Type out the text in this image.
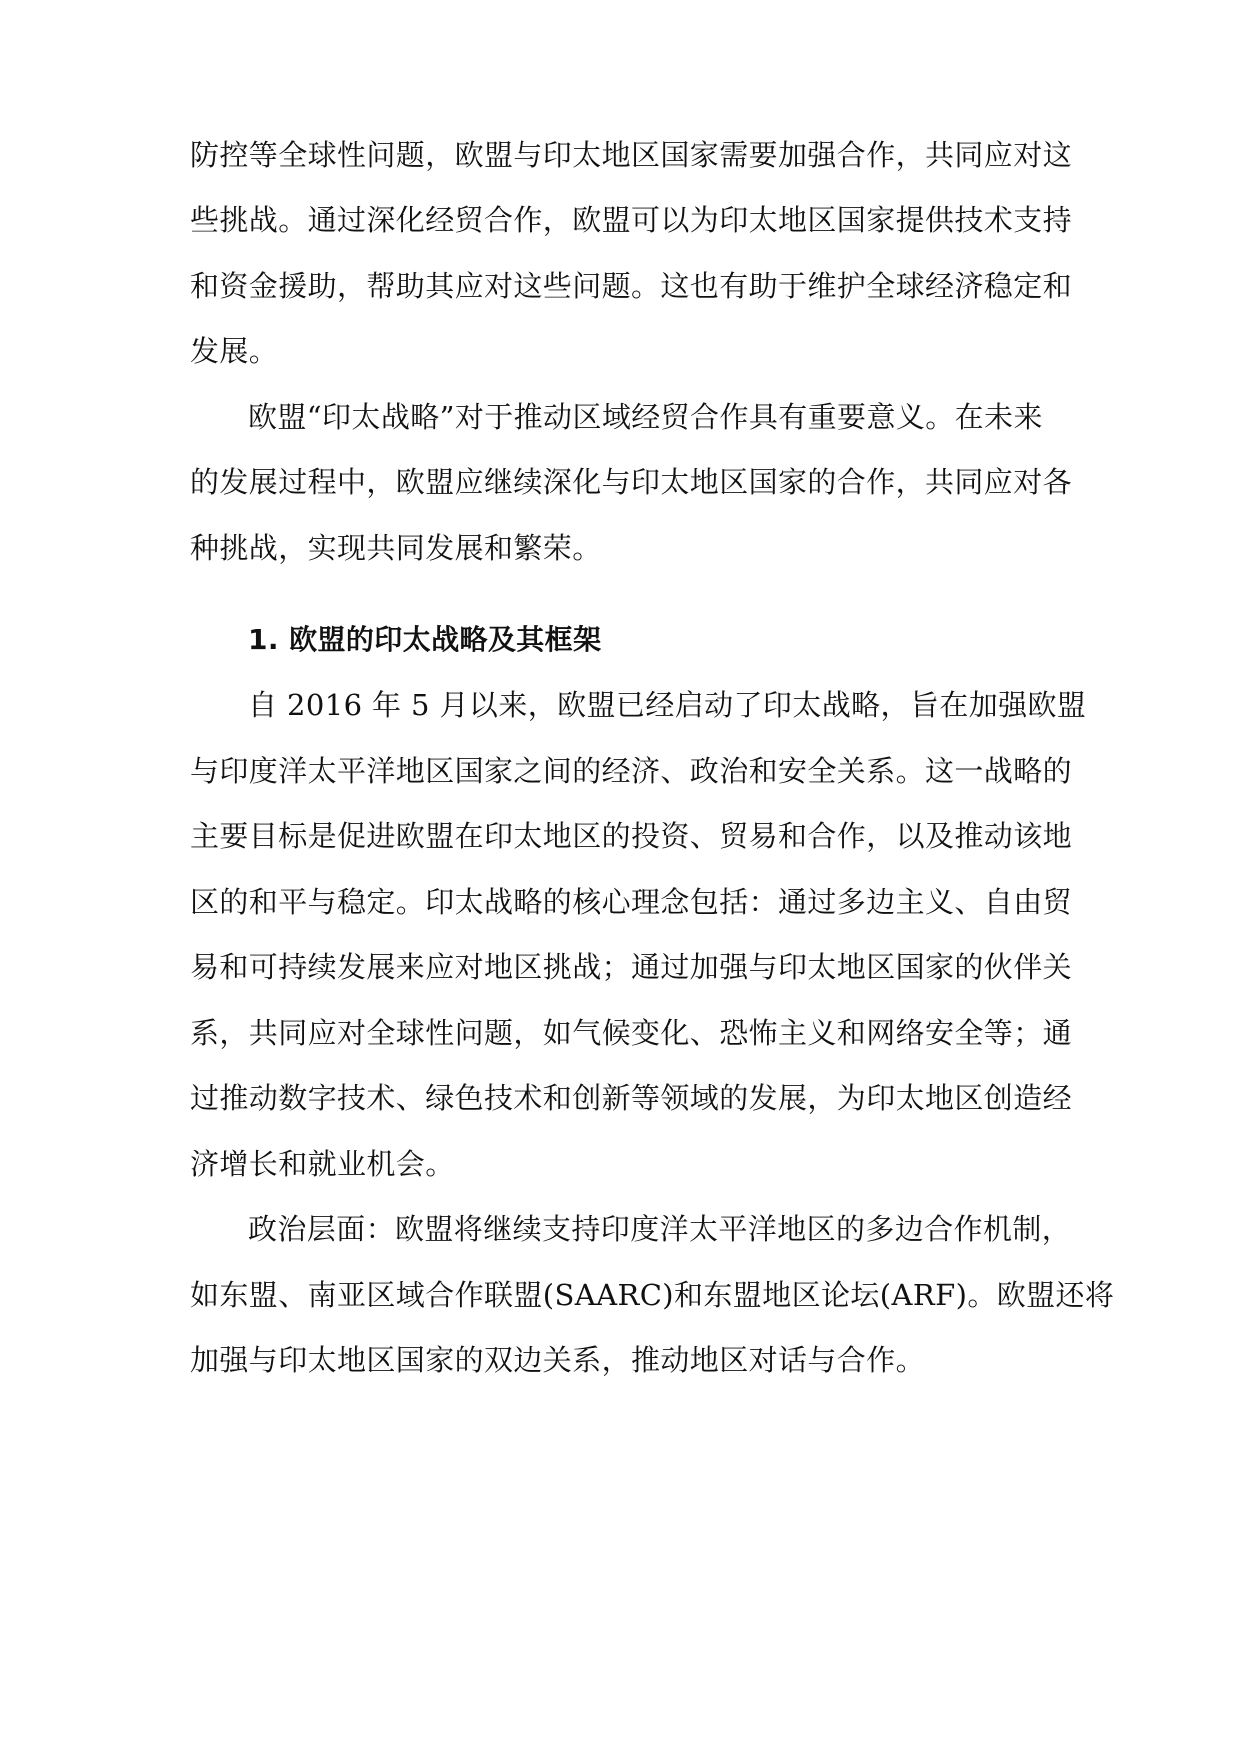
防控等全球性问题，欧盟与印太地区国家需要加强合作，共同应对这
些挑战。通过深化经贸合作，欧盟可以为印太地区国家提供技术支持
和资金援助，帮助其应对这些问题。这也有助于维护全球经济稳定和
发展。
欧盟“印太战略”对于推动区域经贸合作具有重要意义。在未来
的发展过程中，欧盟应继续深化与印太地区国家的合作，共同应对各
种挑战，实现共同发展和繁荣。
1. 欧盟的印太战略及其框架
自 2016 年 5 月以来，欧盟已经启动了印太战略，旨在加强欧盟
与印度洋太平洋地区国家之间的经济、政治和安全关系。这一战略的
主要目标是促进欧盟在印太地区的投资、贸易和合作，以及推动该地
区的和平与稳定。印太战略的核心理念包括：通过多边主义、自由贸
易和可持续发展来应对地区挑战；通过加强与印太地区国家的伙伴关
系，共同应对全球性问题，如气候变化、恐怖主义和网络安全等；通
过推动数字技术、绿色技术和创新等领域的发展，为印太地区创造经
济增长和就业机会。
政治层面：欧盟将继续支持印度洋太平洋地区的多边合作机制，
如东盟、南亚区域合作联盟(SAARC)和东盟地区论坛(ARF)。欧盟还将
加强与印太地区国家的双边关系，推动地区对话与合作。
